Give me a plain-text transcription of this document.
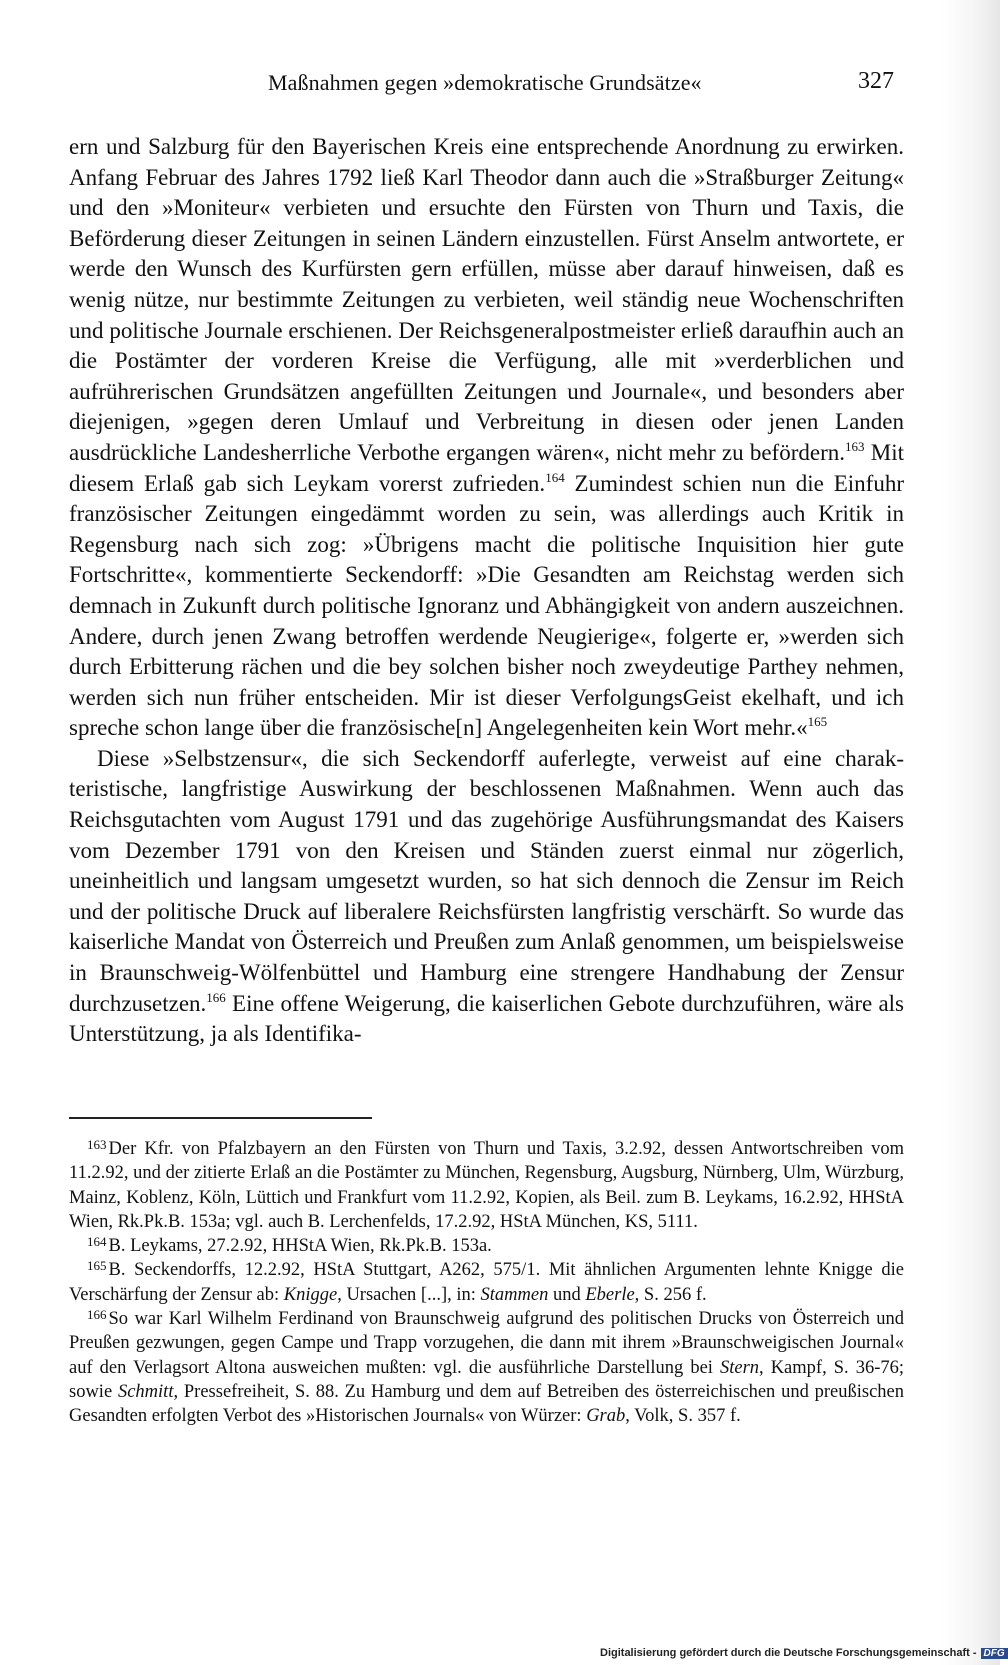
Maßnahmen gegen »demokratische Grundsätze«	327

ern und Salzburg für den Bayerischen Kreis eine entsprechende Anordnung zu erwirken. Anfang Februar des Jahres 1792 ließ Karl Theodor dann auch die »Straßburger Zeitung« und den »Moniteur« verbieten und ersuchte den Fürsten von Thurn und Taxis, die Beförderung dieser Zeitungen in seinen Ländern einzustellen. Fürst Anselm antwortete, er werde den Wunsch des Kurfürsten gern erfüllen, müsse aber darauf hinweisen, daß es wenig nütze, nur bestimmte Zeitungen zu verbieten, weil ständig neue Wochenschriften und politische Journale erschienen. Der Reichsgeneralpostmeister erließ daraufhin auch an die Postämter der vorderen Kreise die Verfügung, alle mit »verderblichen und aufrührerischen Grundsätzen angefüllten Zeitungen und Journale«, und besonders aber diejenigen, »gegen deren Umlauf und Verbreitung in diesen oder jenen Landen ausdrückliche Landesherrliche Verbothe ergangen wären«, nicht mehr zu befördern.$^{163}$ Mit diesem Erlaß gab sich Leykam vorerst zufrieden.$^{164}$ Zumindest schien nun die Einfuhr französischer Zeitungen eingedämmt worden zu sein, was allerdings auch Kritik in Regensburg nach sich zog: »Übrigens macht die politische Inquisition hier gute Fortschritte«, kommentierte Seckendorff: »Die Gesandten am Reichstag werden sich demnach in Zukunft durch politische Ignoranz und Abhängigkeit von andern auszeichnen. Andere, durch jenen Zwang betroffen werdende Neugierige«, folgerte er, »werden sich durch Erbitterung rächen und die bey solchen bisher noch zweydeutige Parthey nehmen, werden sich nun früher entscheiden. Mir ist dieser VerfolgungsGeist ekelhaft, und ich spreche schon lange über die französische[n] Angelegenheiten kein Wort mehr.«$^{165}$

Diese »Selbstzensur«, die sich Seckendorff auferlegte, verweist auf eine charakteristische, langfristige Auswirkung der beschlossenen Maßnahmen. Wenn auch das Reichsgutachten vom August 1791 und das zugehörige Ausführungsmandat des Kaisers vom Dezember 1791 von den Kreisen und Ständen zuerst einmal nur zögerlich, uneinheitlich und langsam umgesetzt wurden, so hat sich dennoch die Zensur im Reich und der politische Druck auf liberalere Reichsfürsten langfristig verschärft. So wurde das kaiserliche Mandat von Österreich und Preußen zum Anlaß genommen, um beispielsweise in Braunschweig-Wölfenbüttel und Hamburg eine strengere Handhabung der Zensur durchzusetzen.$^{166}$ Eine offene Weigerung, die kaiserlichen Gebote durchzuführen, wäre als Unterstützung, ja als Identifika-

$^{163}$ Der Kfr. von Pfalzbayern an den Fürsten von Thurn und Taxis, 3.2.92, dessen Antwortschreiben vom 11.2.92, und der zitierte Erlaß an die Postämter zu München, Regensburg, Augsburg, Nürnberg, Ulm, Würzburg, Mainz, Koblenz, Köln, Lüttich und Frankfurt vom 11.2.92, Kopien, als Beil. zum B. Leykams, 16.2.92, HHStA Wien, Rk.Pk.B. 153a; vgl. auch B. Lerchenfelds, 17.2.92, HStA München, KS, 5111.

$^{164}$ B. Leykams, 27.2.92, HHStA Wien, Rk.Pk.B. 153a.

$^{165}$ B. Seckendorffs, 12.2.92, HStA Stuttgart, A262, 575/1. Mit ähnlichen Argumenten lehnte Knigge die Verschärfung der Zensur ab: Knigge, Ursachen [...], in: Stammen und Eberle, S. 256 f.

$^{166}$ So war Karl Wilhelm Ferdinand von Braunschweig aufgrund des politischen Drucks von Österreich und Preußen gezwungen, gegen Campe und Trapp vorzugehen, die dann mit ihrem »Braunschweigischen Journal« auf den Verlagsort Altona ausweichen mußten: vgl. die ausführliche Darstellung bei Stern, Kampf, S. 36-76; sowie Schmitt, Pressefreiheit, S. 88. Zu Hamburg und dem auf Betreiben des österreichischen und preußischen Gesandten erfolgten Verbot des »Historischen Journals« von Würzer: Grab, Volk, S. 357 f.

Digitalisierung gefördert durch die Deutsche Forschungsgemeinschaft - DFG
